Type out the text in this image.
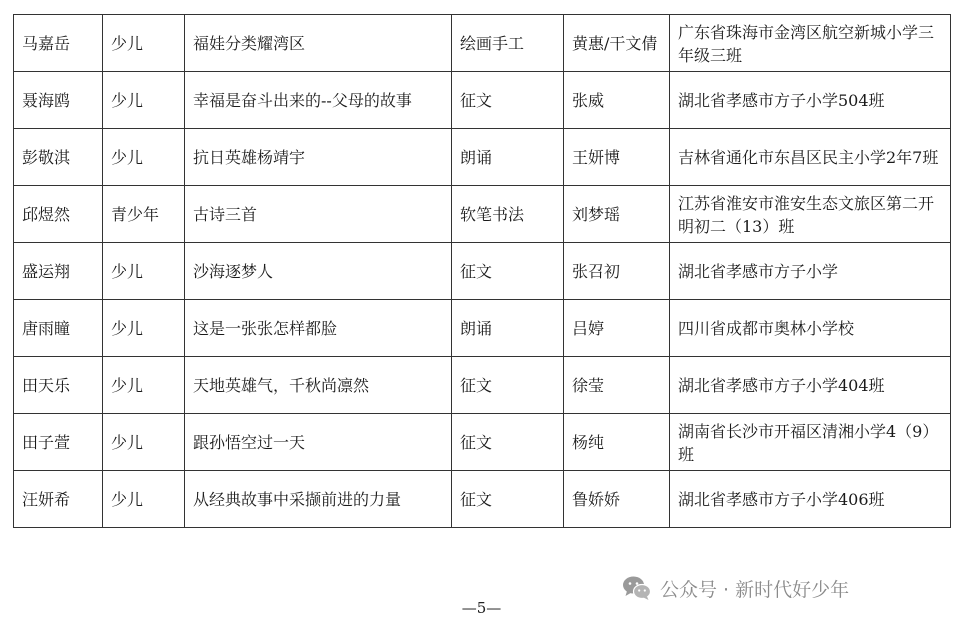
马嘉岳	少儿	福娃分类耀湾区	绘画手工	黄惠/干文倩	广东省珠海市金湾区航空新城小学三年级三班
聂海鸥	少儿	幸福是奋斗出来的--父母的故事	征文	张威	湖北省孝感市方子小学504班
彭敬淇	少儿	抗日英雄杨靖宇	朗诵	王妍博	吉林省通化市东昌区民主小学2年7班
邱煜然	青少年	古诗三首	软笔书法	刘梦瑶	江苏省淮安市淮安生态文旅区第二开明初二（13）班
盛运翔	少儿	沙海逐梦人	征文	张召初	湖北省孝感市方子小学
唐雨瞳	少儿	这是一张张怎样都脸	朗诵	吕婷	四川省成都市奥林小学校
田天乐	少儿	天地英雄气，千秋尚凛然	征文	徐莹	湖北省孝感市方子小学404班
田子萱	少儿	跟孙悟空过一天	征文	杨纯	湖南省长沙市开福区清湘小学4（9）班
汪妍希	少儿	从经典故事中采撷前进的力量	征文	鲁娇娇	湖北省孝感市方子小学406班
公众号 · 新时代好少年
—5—
